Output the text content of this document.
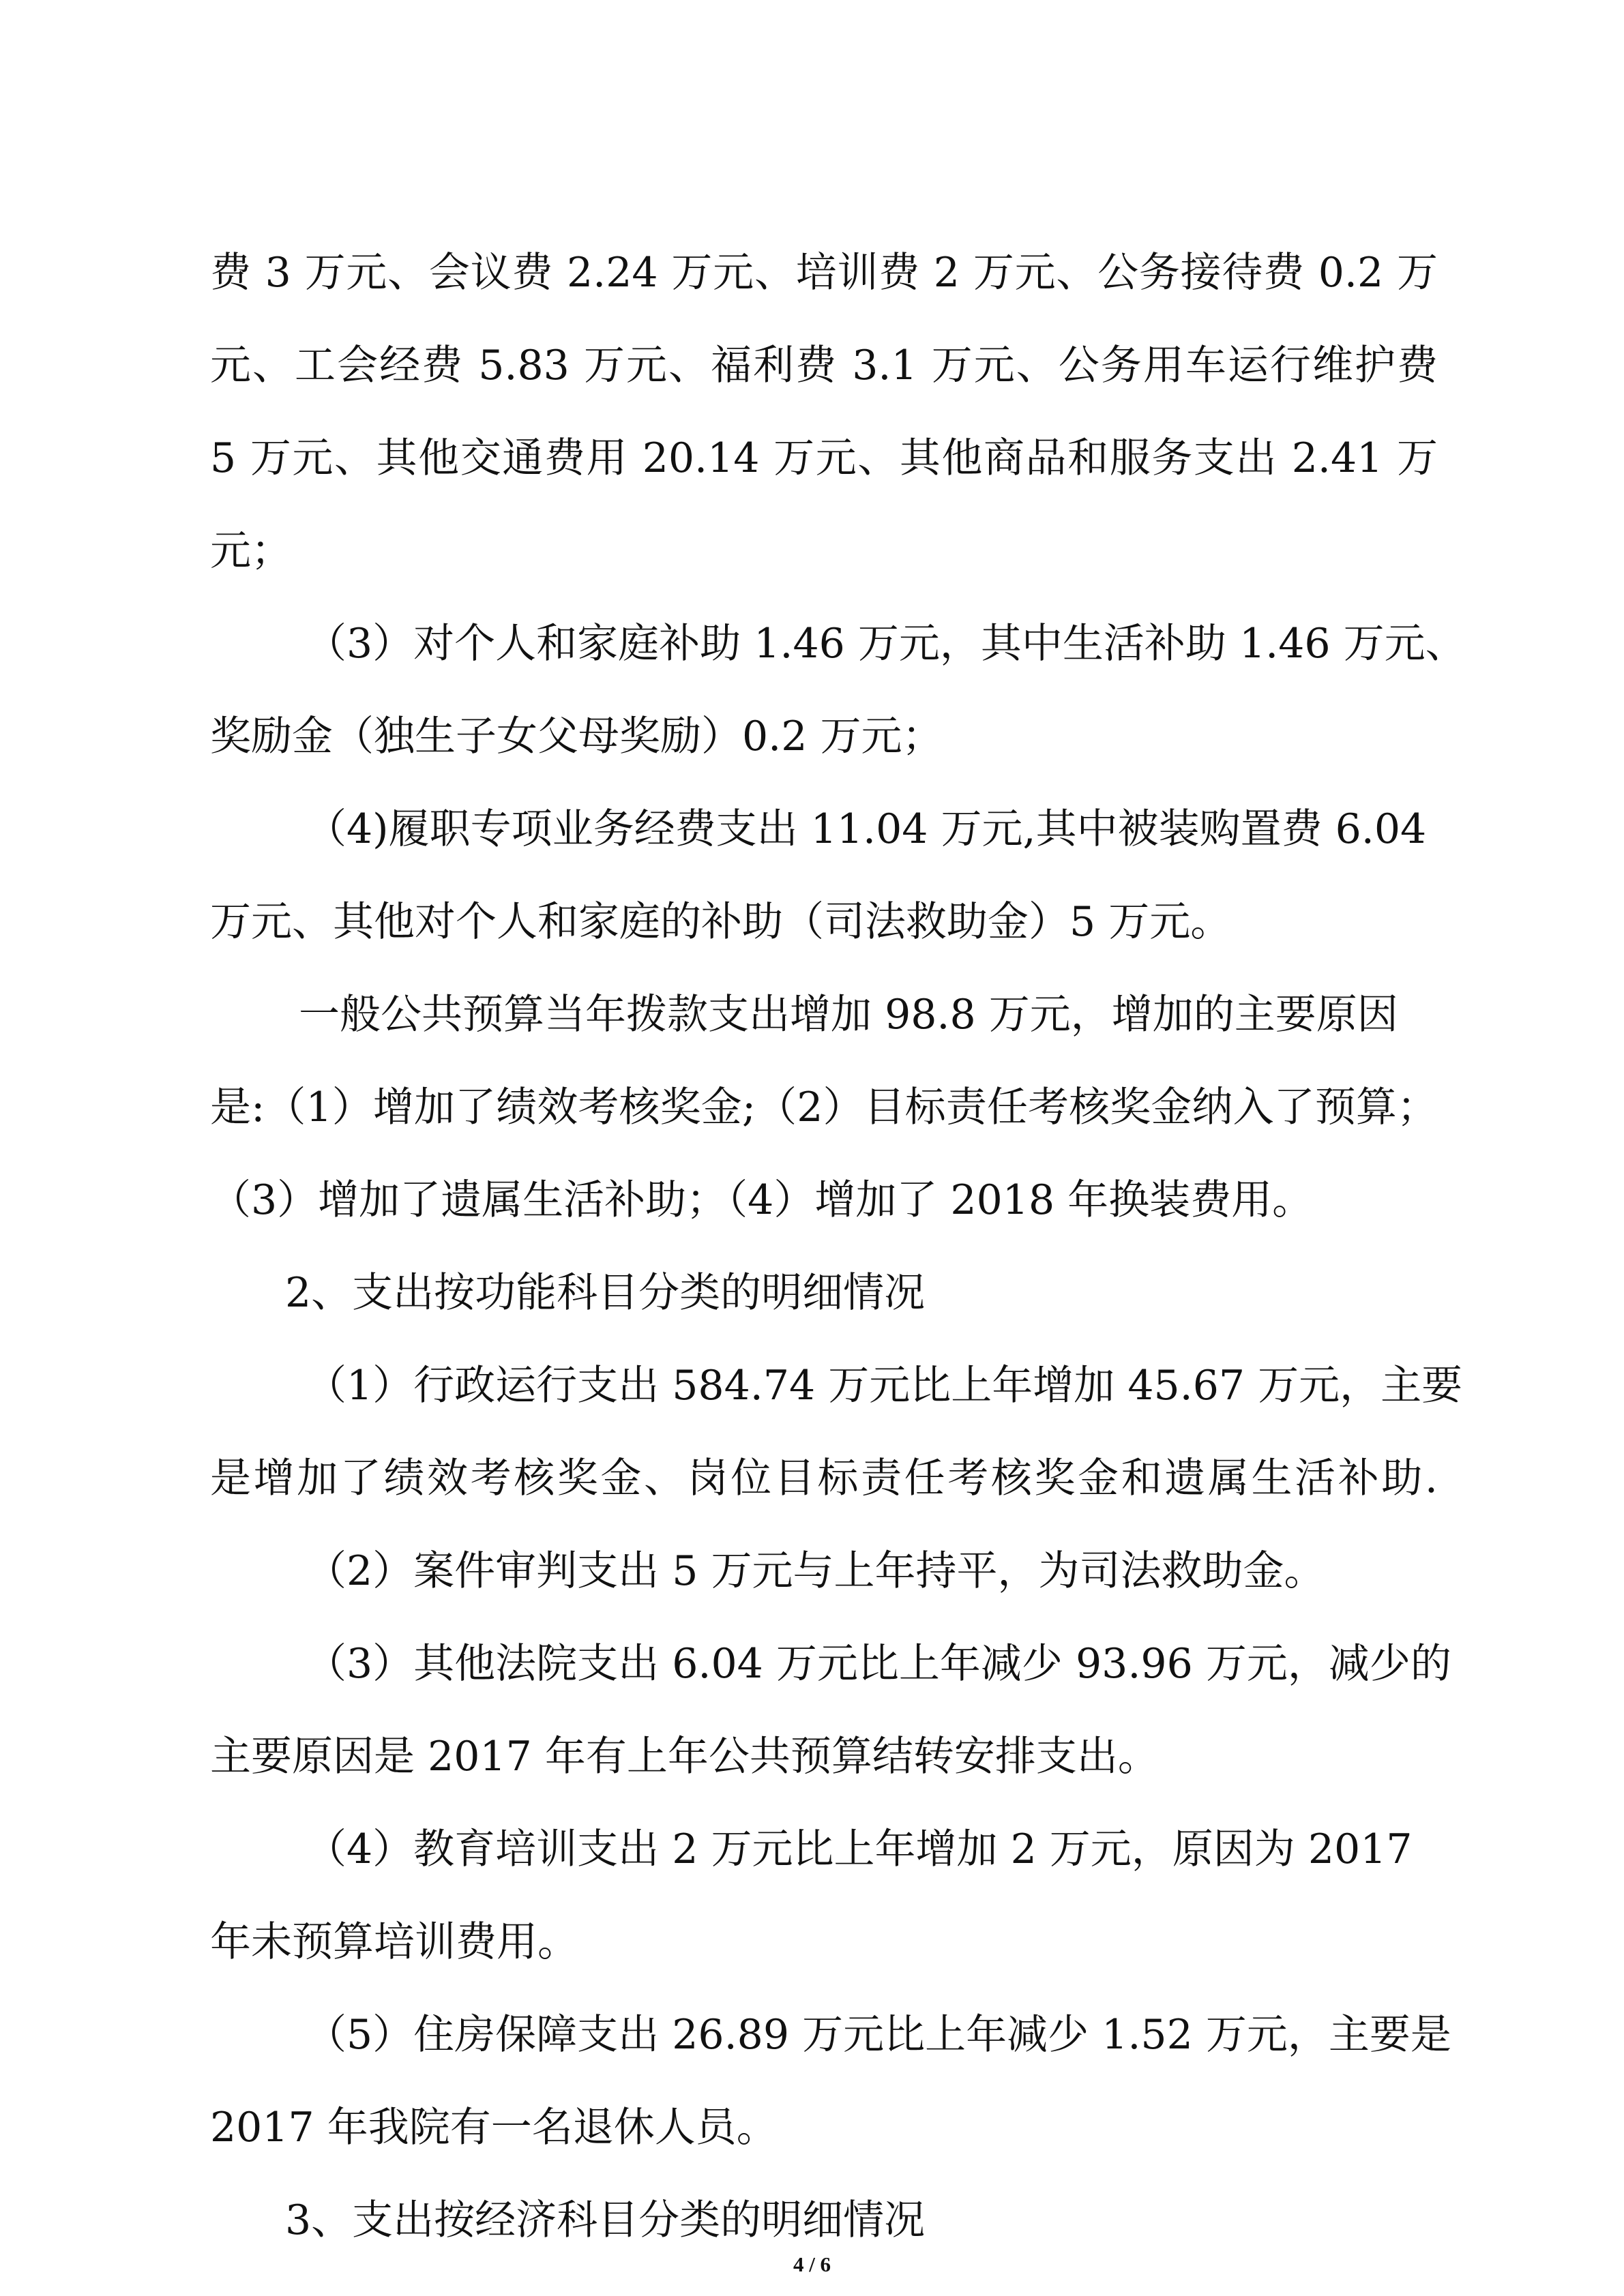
费 3 万元、会议费 2.24 万元、培训费 2 万元、公务接待费 0.2 万
元、工会经费 5.83 万元、福利费 3.1 万元、公务用车运行维护费
5 万元、其他交通费用 20.14 万元、其他商品和服务支出 2.41 万
元；
（3）对个人和家庭补助 1.46 万元，其中生活补助 1.46 万元、
奖励金（独生子女父母奖励）0.2 万元；
（4)履职专项业务经费支出 11.04 万元,其中被装购置费 6.04
万元、其他对个人和家庭的补助（司法救助金）5 万元。
一般公共预算当年拨款支出增加 98.8 万元，增加的主要原因
是:（1）增加了绩效考核奖金;（2）目标责任考核奖金纳入了预算；
（3）增加了遗属生活补助；（4）增加了 2018 年换装费用。
2、支出按功能科目分类的明细情况
（1）行政运行支出 584.74 万元比上年增加 45.67 万元，主要
是增加了绩效考核奖金、岗位目标责任考核奖金和遗属生活补助.
（2）案件审判支出 5 万元与上年持平，为司法救助金。
（3）其他法院支出 6.04 万元比上年减少 93.96 万元，减少的
主要原因是 2017 年有上年公共预算结转安排支出。
（4）教育培训支出 2 万元比上年增加 2 万元，原因为 2017
年未预算培训费用。
（5）住房保障支出 26.89 万元比上年减少 1.52 万元，主要是
2017 年我院有一名退休人员。
3、支出按经济科目分类的明细情况
4 / 6
